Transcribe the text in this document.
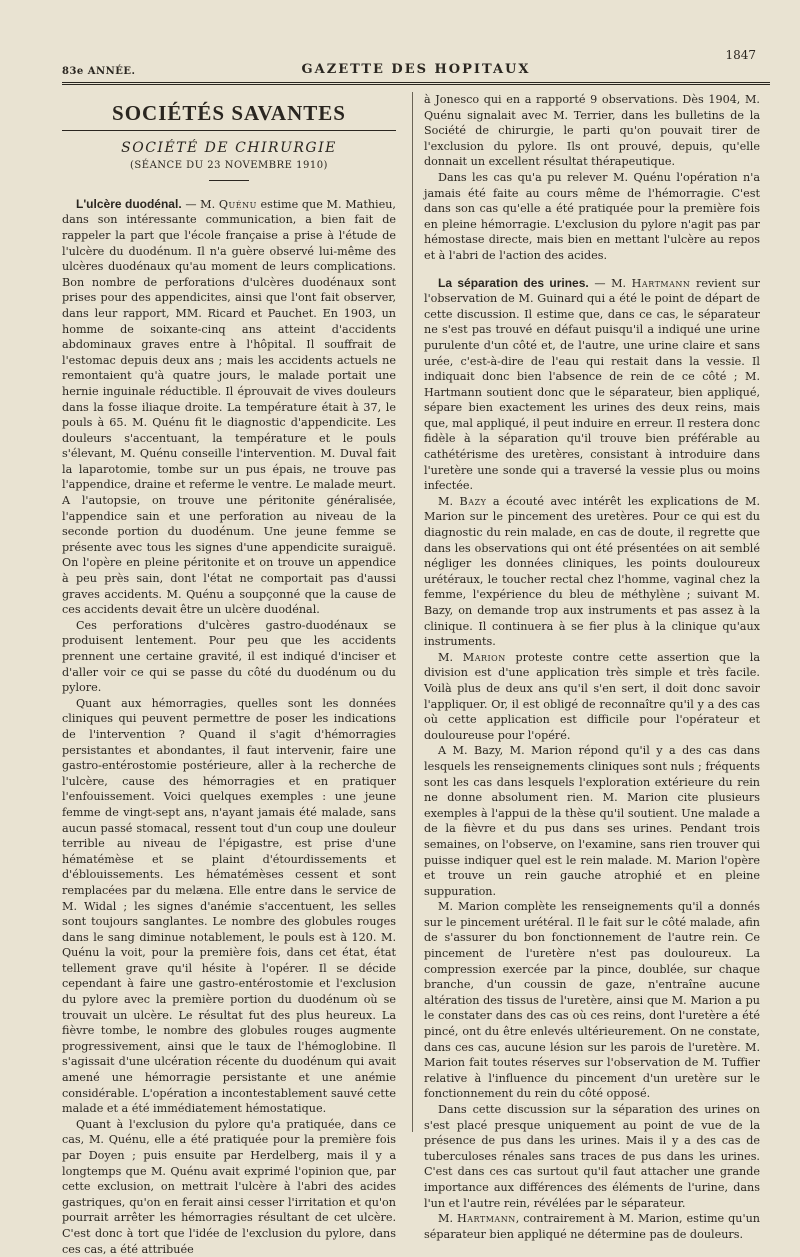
83e ANNÉE.	GAZETTE DES HOPITAUX
1847
SOCIÉTÉS SAVANTES
SOCIÉTÉ DE CHIRURGIE
(SÉANCE DU 23 NOVEMBRE 1910)

L'ulcère duodénal. — M. Quénu estime que M. Mathieu, dans son intéressante communication, a bien fait de rappeler la part que l'école française a prise à l'étude de l'ulcère du duodénum. Il n'a guère observé lui-même des ulcères duodénaux qu'au moment de leurs complications. Bon nombre de perforations d'ulcères duodénaux sont prises pour des appendicites, ainsi que l'ont fait observer, dans leur rapport, MM. Ricard et Pauchet. En 1903, un homme de soixante-cinq ans atteint d'accidents abdominaux graves entre à l'hôpital. Il souffrait de l'estomac depuis deux ans ; mais les accidents actuels ne remontaient qu'à quatre jours, le malade portait une hernie inguinale réductible. Il éprouvait de vives douleurs dans la fosse iliaque droite. La température était à 37, le pouls à 65. M. Quénu fit le diagnostic d'appendicite. Les douleurs s'accentuant, la température et le pouls s'élevant, M. Quénu conseille l'intervention. M. Duval fait la laparotomie, tombe sur un pus épais, ne trouve pas l'appendice, draine et referme le ventre. Le malade meurt. A l'autopsie, on trouve une péritonite généralisée, l'appendice sain et une perforation au niveau de la seconde portion du duodénum. Une jeune femme se présente avec tous les signes d'une appendicite suraiguë. On l'opère en pleine péritonite et on trouve un appendice à peu près sain, dont l'état ne comportait pas d'aussi graves accidents. M. Quénu a soupçonné que la cause de ces accidents devait être un ulcère duodénal.

Ces perforations d'ulcères gastro-duodénaux se produisent lentement. Pour peu que les accidents prennent une certaine gravité, il est indiqué d'inciser et d'aller voir ce qui se passe du côté du duodénum ou du pylore.

Quant aux hémorragies, quelles sont les données cliniques qui peuvent permettre de poser les indications de l'intervention ? Quand il s'agit d'hémorragies persistantes et abondantes, il faut intervenir, faire une gastro-entérostomie postérieure, aller à la recherche de l'ulcère, cause des hémorragies et en pratiquer l'enfouissement. Voici quelques exemples : une jeune femme de vingt-sept ans, n'ayant jamais été malade, sans aucun passé stomacal, ressent tout d'un coup une douleur terrible au niveau de l'épigastre, est prise d'une hématémèse et se plaint d'étourdissements et d'éblouissements. Les hématémèses cessent et sont remplacées par du melæna. Elle entre dans le service de M. Widal ; les signes d'anémie s'accentuent, les selles sont toujours sanglantes. Le nombre des globules rouges dans le sang diminue notablement, le pouls est à 120. M. Quénu la voit, pour la première fois, dans cet état, état tellement grave qu'il hésite à l'opérer. Il se décide cependant à faire une gastro-entérostomie et l'exclusion du pylore avec la première portion du duodénum où se trouvait un ulcère. Le résultat fut des plus heureux. La fièvre tombe, le nombre des globules rouges augmente progressivement, ainsi que le taux de l'hémoglobine. Il s'agissait d'une ulcération récente du duodénum qui avait amené une hémorragie persistante et une anémie considérable. L'opération a incontestablement sauvé cette malade et a été immédiatement hémostatique.

Quant à l'exclusion du pylore qu'a pratiquée, dans ce cas, M. Quénu, elle a été pratiquée pour la première fois par Doyen ; puis ensuite par Herdelberg, mais il y a longtemps que M. Quénu avait exprimé l'opinion que, par cette exclusion, on mettrait l'ulcère à l'abri des acides gastriques, qu'on en ferait ainsi cesser l'irritation et qu'on pourrait arrêter les hémorragies résultant de cet ulcère. C'est donc à tort que l'idée de l'exclusion du pylore, dans ces cas, a été attribuée

à Jonesco qui en a rapporté 9 observations. Dès 1904, M. Quénu signalait avec M. Terrier, dans les bulletins de la Société de chirurgie, le parti qu'on pouvait tirer de l'exclusion du pylore. Ils ont prouvé, depuis, qu'elle donnait un excellent résultat thérapeutique.

Dans les cas qu'a pu relever M. Quénu l'opération n'a jamais été faite au cours même de l'hémorragie. C'est dans son cas qu'elle a été pratiquée pour la première fois en pleine hémorragie. L'exclusion du pylore n'agit pas par hémostase directe, mais bien en mettant l'ulcère au repos et à l'abri de l'action des acides.

La séparation des urines. — M. Hartmann revient sur l'observation de M. Guinard qui a été le point de départ de cette discussion. Il estime que, dans ce cas, le séparateur ne s'est pas trouvé en défaut puisqu'il a indiqué une urine purulente d'un côté et, de l'autre, une urine claire et sans urée, c'est-à-dire de l'eau qui restait dans la vessie. Il indiquait donc bien l'absence de rein de ce côté ; M. Hartmann soutient donc que le séparateur, bien appliqué, sépare bien exactement les urines des deux reins, mais que, mal appliqué, il peut induire en erreur. Il restera donc fidèle à la séparation qu'il trouve bien préférable au cathétérisme des uretères, consistant à introduire dans l'uretère une sonde qui a traversé la vessie plus ou moins infectée.

M. Bazy a écouté avec intérêt les explications de M. Marion sur le pincement des uretères. Pour ce qui est du diagnostic du rein malade, en cas de doute, il regrette que dans les observations qui ont été présentées on ait semblé négliger les données cliniques, les points douloureux urétéraux, le toucher rectal chez l'homme, vaginal chez la femme, l'expérience du bleu de méthylène ; suivant M. Bazy, on demande trop aux instruments et pas assez à la clinique. Il continuera à se fier plus à la clinique qu'aux instruments.

M. Marion proteste contre cette assertion que la division est d'une application très simple et très facile. Voilà plus de deux ans qu'il s'en sert, il doit donc savoir l'appliquer. Or, il est obligé de reconnaître qu'il y a des cas où cette application est difficile pour l'opérateur et douloureuse pour l'opéré.

A M. Bazy, M. Marion répond qu'il y a des cas dans lesquels les renseignements cliniques sont nuls ; fréquents sont les cas dans lesquels l'exploration extérieure du rein ne donne absolument rien. M. Marion cite plusieurs exemples à l'appui de la thèse qu'il soutient. Une malade a de la fièvre et du pus dans ses urines. Pendant trois semaines, on l'observe, on l'examine, sans rien trouver qui puisse indiquer quel est le rein malade. M. Marion l'opère et trouve un rein gauche atrophié et en pleine suppuration.

M. Marion complète les renseignements qu'il a donnés sur le pincement urétéral. Il le fait sur le côté malade, afin de s'assurer du bon fonctionnement de l'autre rein. Ce pincement de l'uretère n'est pas douloureux. La compression exercée par la pince, doublée, sur chaque branche, d'un coussin de gaze, n'entraîne aucune altération des tissus de l'uretère, ainsi que M. Marion a pu le constater dans des cas où ces reins, dont l'uretère a été pincé, ont du être enlevés ultérieurement. On ne constate, dans ces cas, aucune lésion sur les parois de l'uretère. M. Marion fait toutes réserves sur l'observation de M. Tuffier relative à l'influence du pincement d'un uretère sur le fonctionnement du rein du côté opposé.

Dans cette discussion sur la séparation des urines on s'est placé presque uniquement au point de vue de la présence de pus dans les urines. Mais il y a des cas de tuberculoses rénales sans traces de pus dans les urines. C'est dans ces cas surtout qu'il faut attacher une grande importance aux différences des éléments de l'urine, dans l'un et l'autre rein, révélées par le séparateur.

M. Hartmann, contrairement à M. Marion, estime qu'un séparateur bien appliqué ne détermine pas de douleurs.
